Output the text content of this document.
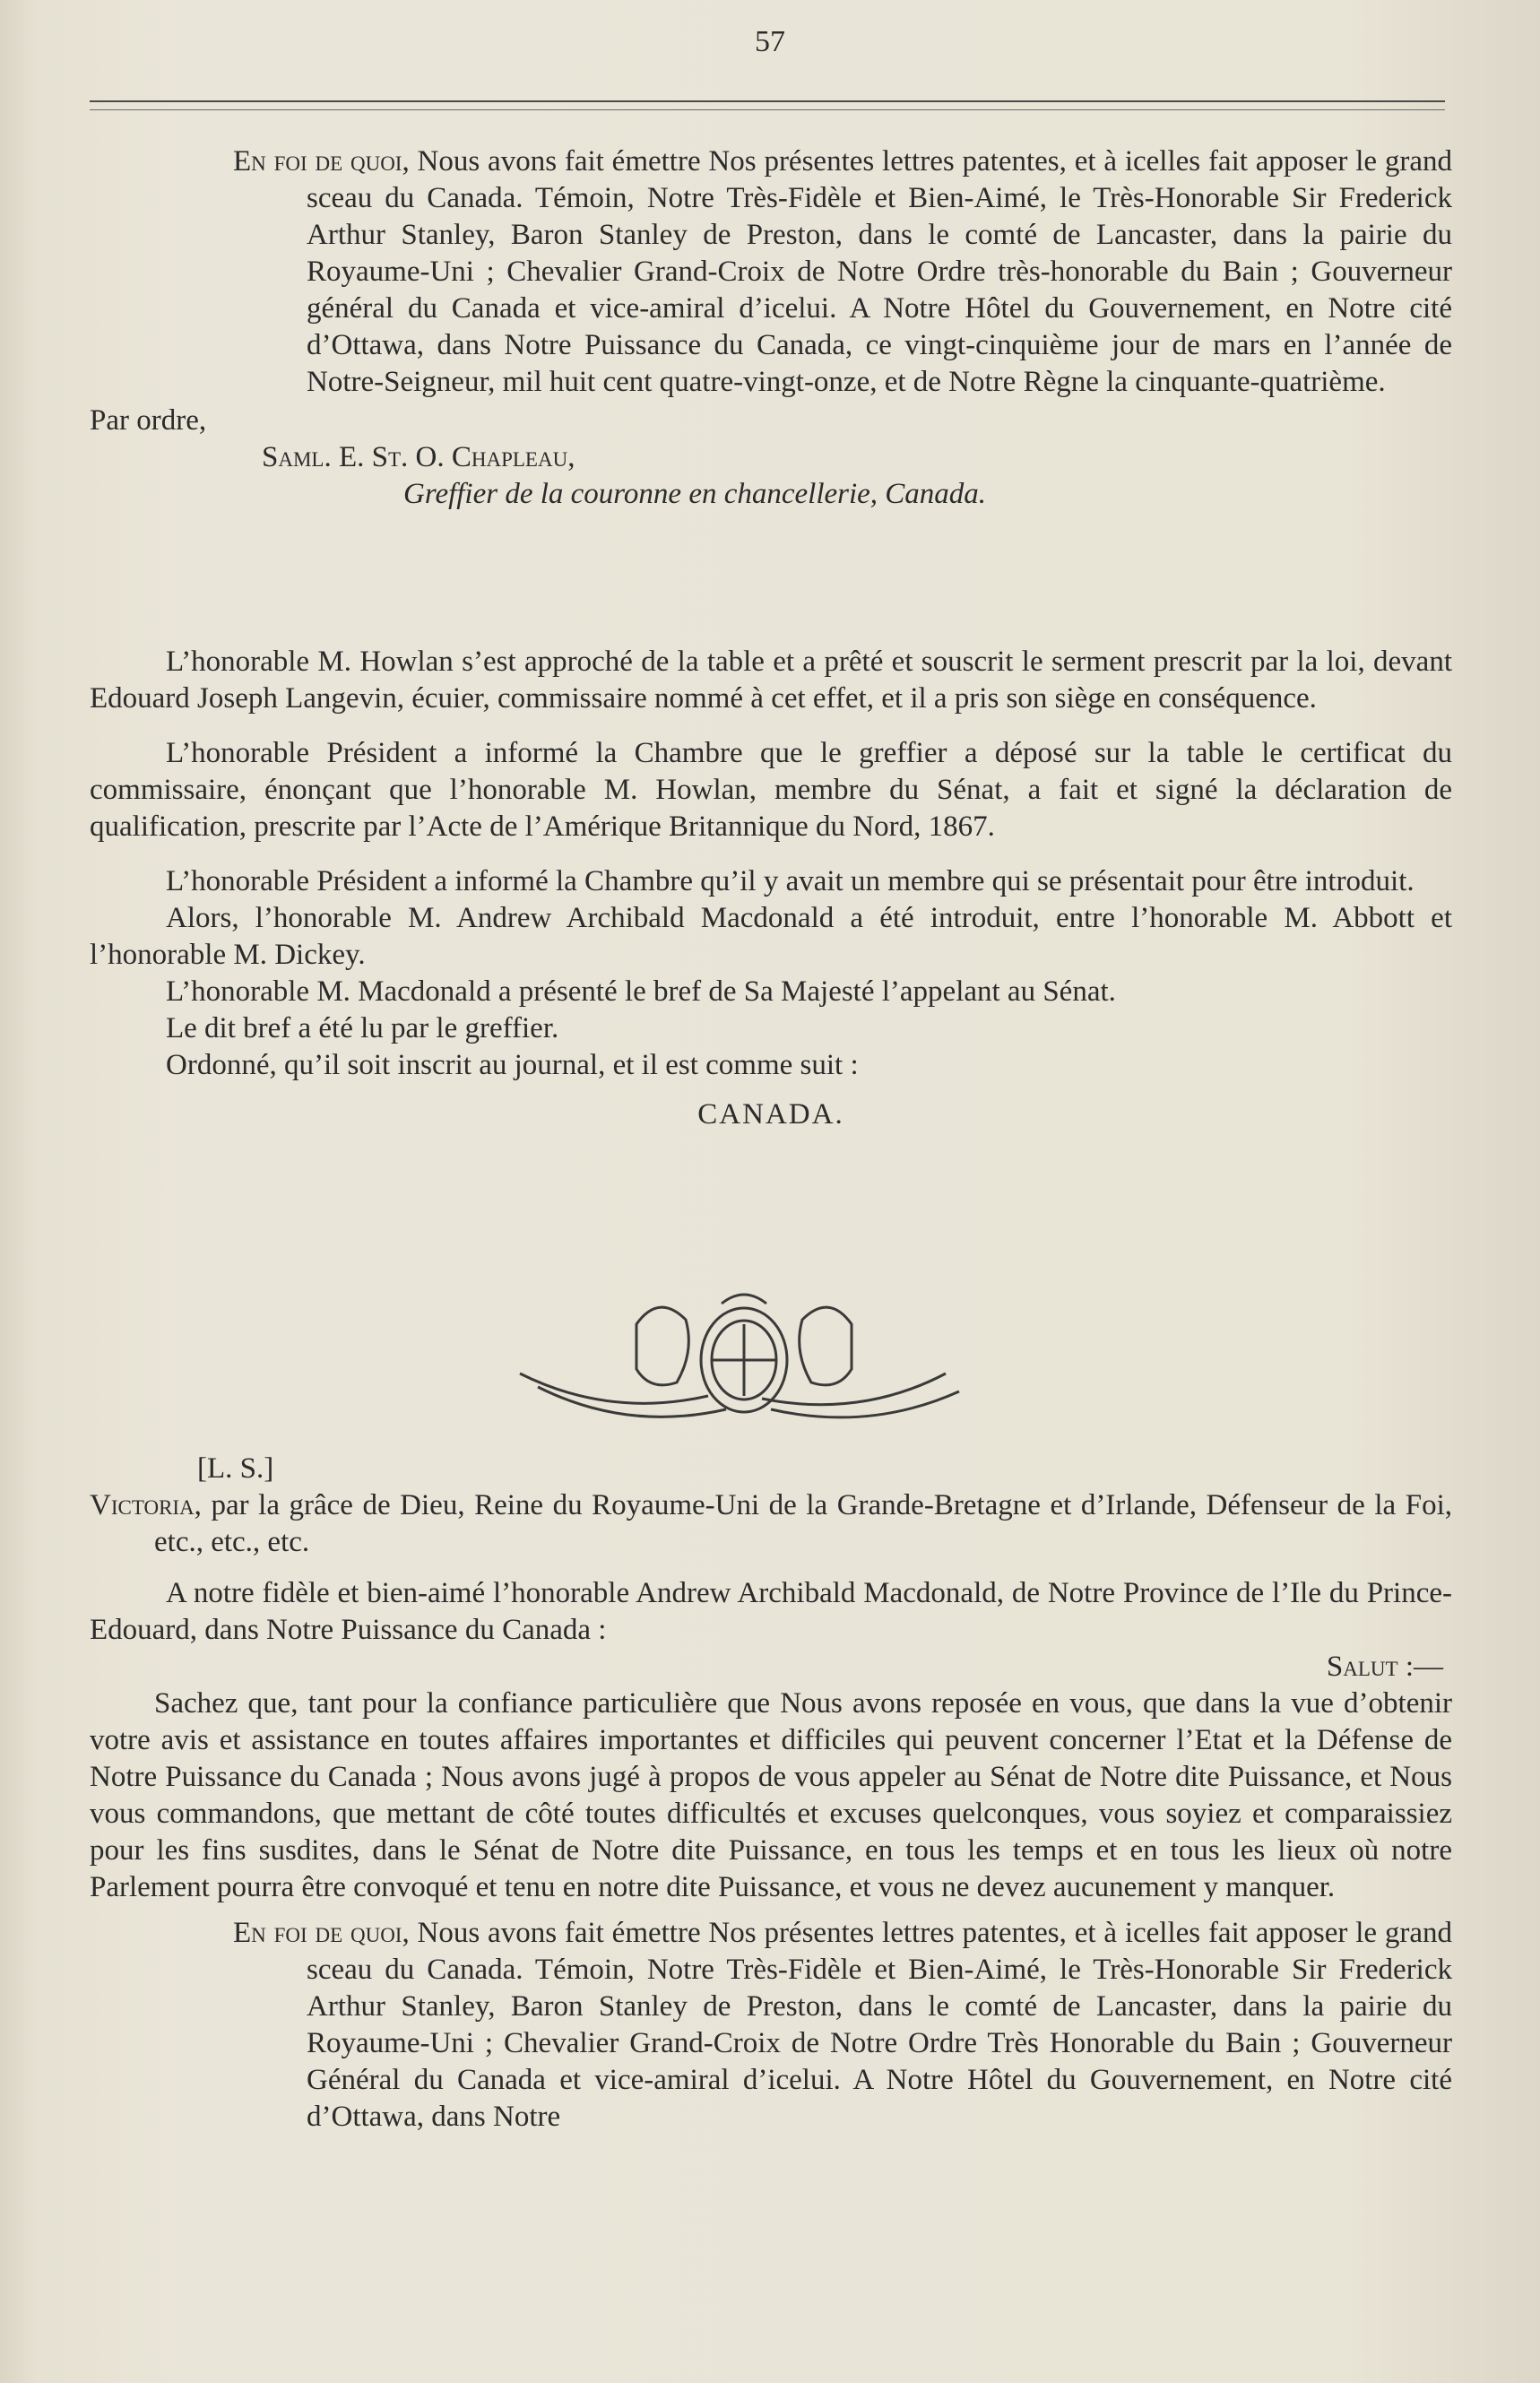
57

En foi de quoi, Nous avons fait émettre Nos présentes lettres patentes, et à icelles fait apposer le grand sceau du Canada. Témoin, Notre Très-Fidèle et Bien-Aimé, le Très-Honorable Sir Frederick Arthur Stanley, Baron Stanley de Preston, dans le comté de Lancaster, dans la pairie du Royaume-Uni ; Chevalier Grand-Croix de Notre Ordre très-honorable du Bain ; Gouverneur général du Canada et vice-amiral d’icelui. A Notre Hôtel du Gouvernement, en Notre cité d’Ottawa, dans Notre Puissance du Canada, ce vingt-cinquième jour de mars en l’année de Notre-Seigneur, mil huit cent quatre-vingt-onze, et de Notre Règne la cinquante-quatrième.

Par ordre,

Saml. E. St. O. Chapleau,

Greffier de la couronne en chancellerie, Canada.

L’honorable M. Howlan s’est approché de la table et a prêté et souscrit le serment prescrit par la loi, devant Edouard Joseph Langevin, écuier, commissaire nommé à cet effet, et il a pris son siège en conséquence.

L’honorable Président a informé la Chambre que le greffier a déposé sur la table le certificat du commissaire, énonçant que l’honorable M. Howlan, membre du Sénat, a fait et signé la déclaration de qualification, prescrite par l’Acte de l’Amérique Britannique du Nord, 1867.

L’honorable Président a informé la Chambre qu’il y avait un membre qui se présentait pour être introduit.

Alors, l’honorable M. Andrew Archibald Macdonald a été introduit, entre l’honorable M. Abbott et l’honorable M. Dickey.

L’honorable M. Macdonald a présenté le bref de Sa Majesté l’appelant au Sénat.

Le dit bref a été lu par le greffier.

Ordonné, qu’il soit inscrit au journal, et il est comme suit :

CANADA.

[L. S.]

Victoria, par la grâce de Dieu, Reine du Royaume-Uni de la Grande-Bretagne et d’Irlande, Défenseur de la Foi, etc., etc., etc.

A notre fidèle et bien-aimé l’honorable Andrew Archibald Macdonald, de Notre Province de l’Ile du Prince-Edouard, dans Notre Puissance du Canada :

Salut :—

Sachez que, tant pour la confiance particulière que Nous avons reposée en vous, que dans la vue d’obtenir votre avis et assistance en toutes affaires importantes et difficiles qui peuvent concerner l’Etat et la Défense de Notre Puissance du Canada ; Nous avons jugé à propos de vous appeler au Sénat de Notre dite Puissance, et Nous vous commandons, que mettant de côté toutes difficultés et excuses quelconques, vous soyiez et comparaissiez pour les fins susdites, dans le Sénat de Notre dite Puissance, en tous les temps et en tous les lieux où notre Parlement pourra être convoqué et tenu en notre dite Puissance, et vous ne devez aucunement y manquer.

En foi de quoi, Nous avons fait émettre Nos présentes lettres patentes, et à icelles fait apposer le grand sceau du Canada. Témoin, Notre Très-Fidèle et Bien-Aimé, le Très-Honorable Sir Frederick Arthur Stanley, Baron Stanley de Preston, dans le comté de Lancaster, dans la pairie du Royaume-Uni ; Chevalier Grand-Croix de Notre Ordre Très Honorable du Bain ; Gouverneur Général du Canada et vice-amiral d’icelui. A Notre Hôtel du Gouvernement, en Notre cité d’Ottawa, dans Notre
